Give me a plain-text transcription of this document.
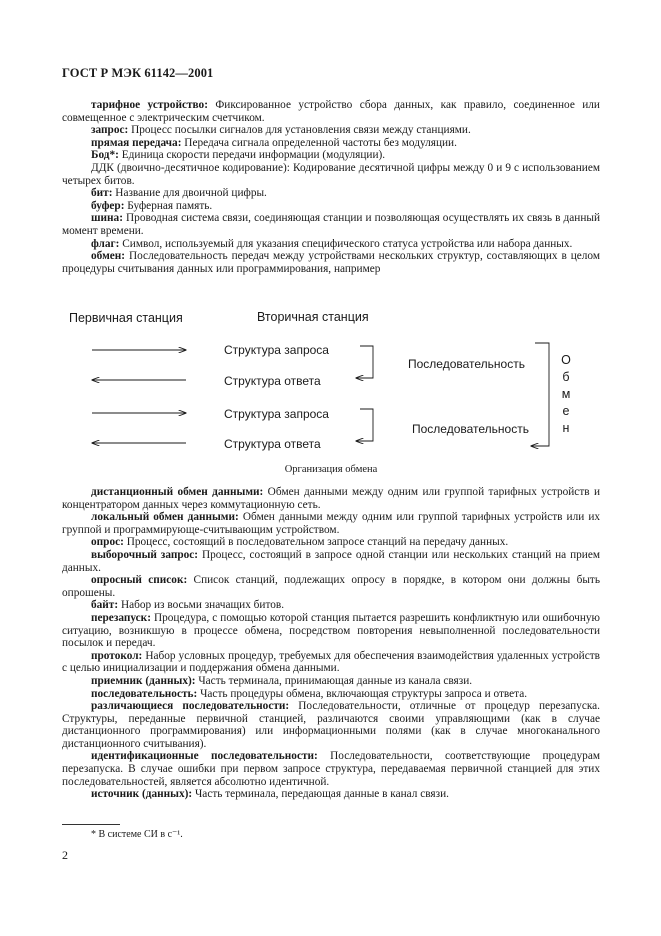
ГОСТ Р МЭК 61142—2001

тарифное устройство: Фиксированное устройство сбора данных, как правило, соединенное или совмещенное с электрическим счетчиком.

запрос: Процесс посылки сигналов для установления связи между станциями.

прямая передача: Передача сигнала определенной частоты без модуляции.

Бод*: Единица скорости передачи информации (модуляции).

ДДК (двоично-десятичное кодирование): Кодирование десятичной цифры между 0 и 9 с использованием четырех битов.

бит: Название для двоичной цифры.

буфер: Буферная память.

шина: Проводная система связи, соединяющая станции и позволяющая осуществлять их связь в данный момент времени.

флаг: Символ, используемый для указания специфического статуса устройства или набора данных.

обмен: Последовательность передач между устройствами нескольких структур, составляющих в целом процедуры считывания данных или программирования, например

Первичная станция	Вторичная станция
Структура запроса
Структура ответа
Структура запроса
Структура ответа
Последовательность
Последовательность
О
б
м
е
н
Организация обмена

дистанционный обмен данными: Обмен данными между одним или группой тарифных устройств и концентратором данных через коммутационную сеть.

локальный обмен данными: Обмен данными между одним или группой тарифных устройств или их группой и программирующе-считывающим устройством.

опрос: Процесс, состоящий в последовательном запросе станций на передачу данных.

выборочный запрос: Процесс, состоящий в запросе одной станции или нескольких станций на прием данных.

опросный список: Список станций, подлежащих опросу в порядке, в котором они должны быть опрошены.

байт: Набор из восьми значащих битов.

перезапуск: Процедура, с помощью которой станция пытается разрешить конфликтную или ошибочную ситуацию, возникшую в процессе обмена, посредством повторения невыполненной последовательности посылок и передач.

протокол: Набор условных процедур, требуемых для обеспечения взаимодействия удаленных устройств с целью инициализации и поддержания обмена данными.

приемник (данных): Часть терминала, принимающая данные из канала связи.

последовательность: Часть процедуры обмена, включающая структуры запроса и ответа.

различающиеся последовательности: Последовательности, отличные от процедур перезапуска. Структуры, переданные первичной станцией, различаются своими управляющими (как в случае дистанционного программирования) или информационными полями (как в случае многоканального дистанционного считывания).

идентификационные последовательности: Последовательности, соответствующие процедурам перезапуска. В случае ошибки при первом запросе структура, передаваемая первичной станцией для этих последовательностей, является абсолютно идентичной.

источник (данных): Часть терминала, передающая данные в канал связи.

* В системе СИ в с⁻¹.
2
